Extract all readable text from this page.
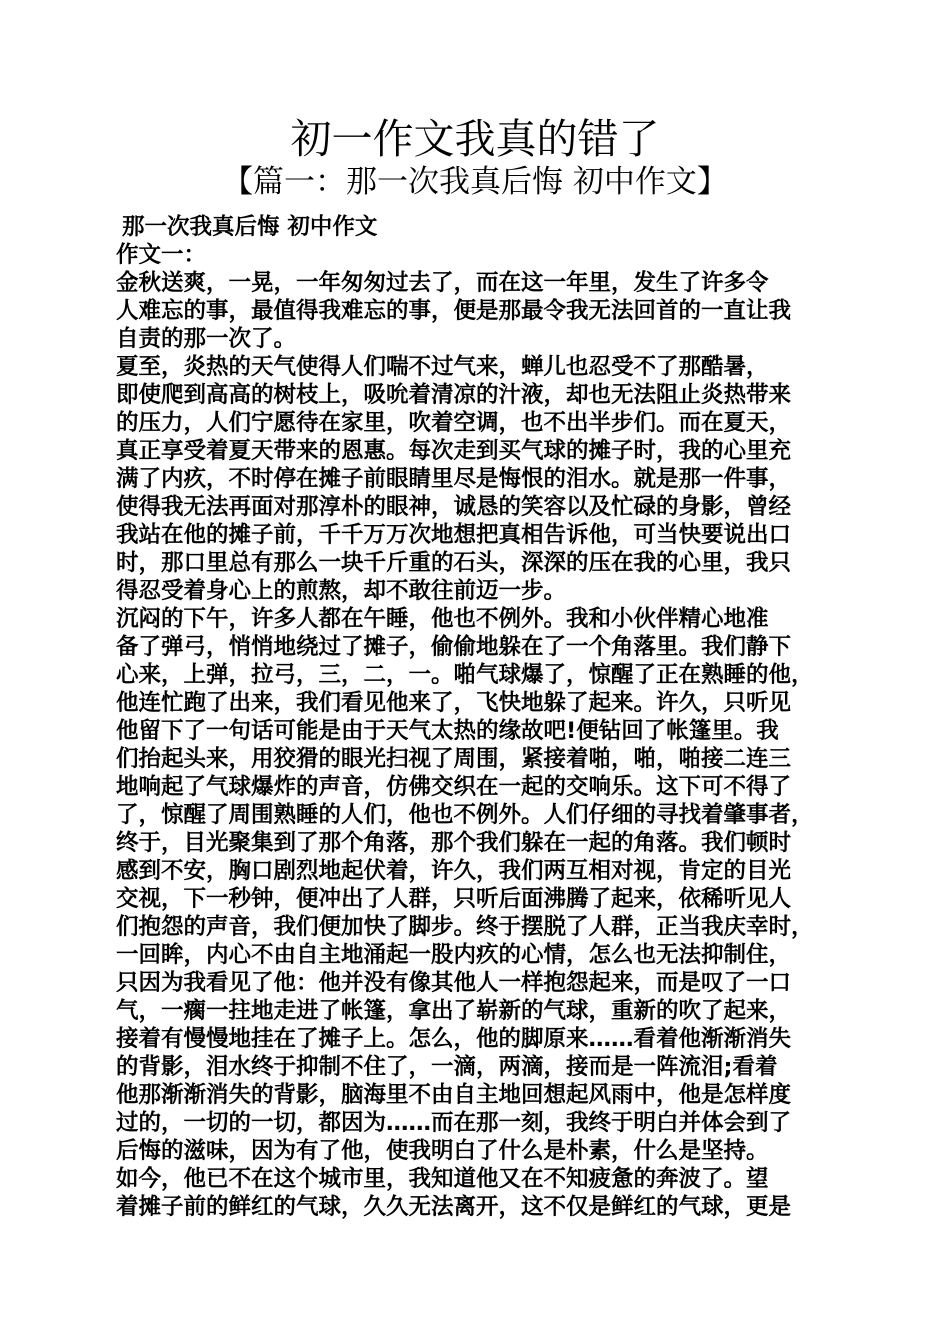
初一作文我真的错了
【篇一：那一次我真后悔 初中作文】
那一次我真后悔 初中作文
作文一：
金秋送爽，一晃，一年匆匆过去了，而在这一年里，发生了许多令
人难忘的事，最值得我难忘的事，便是那最令我无法回首的一直让我
自责的那一次了。
夏至，炎热的天气使得人们喘不过气来，蝉儿也忍受不了那酷暑，
即使爬到高高的树枝上，吸吮着清凉的汁液，却也无法阻止炎热带来
的压力，人们宁愿待在家里，吹着空调，也不出半步们。而在夏天，
真正享受着夏天带来的恩惠。每次走到买气球的摊子时，我的心里充
满了内疚，不时停在摊子前眼睛里尽是悔恨的泪水。就是那一件事，
使得我无法再面对那淳朴的眼神，诚恳的笑容以及忙碌的身影，曾经
我站在他的摊子前，千千万万次地想把真相告诉他，可当快要说出口
时，那口里总有那么一块千斤重的石头，深深的压在我的心里，我只
得忍受着身心上的煎熬，却不敢往前迈一步。
沉闷的下午，许多人都在午睡，他也不例外。我和小伙伴精心地准
备了弹弓，悄悄地绕过了摊子，偷偷地躲在了一个角落里。我们静下
心来，上弹，拉弓，三，二，一。啪气球爆了，惊醒了正在熟睡的他，
他连忙跑了出来，我们看见他来了，飞快地躲了起来。许久，只听见
他留下了一句话可能是由于天气太热的缘故吧!便钻回了帐篷里。我
们抬起头来，用狡猾的眼光扫视了周围，紧接着啪，啪，啪接二连三
地响起了气球爆炸的声音，仿佛交织在一起的交响乐。这下可不得了
了，惊醒了周围熟睡的人们，他也不例外。人们仔细的寻找着肇事者，
终于，目光聚集到了那个角落，那个我们躲在一起的角落。我们顿时
感到不安，胸口剧烈地起伏着，许久，我们两互相对视，肯定的目光
交视，下一秒钟，便冲出了人群，只听后面沸腾了起来，依稀听见人
们抱怨的声音，我们便加快了脚步。终于摆脱了人群，正当我庆幸时，
一回眸，内心不由自主地涌起一股内疚的心情，怎么也无法抑制住，
只因为我看见了他：他并没有像其他人一样抱怨起来，而是叹了一口
气，一瘸一拄地走进了帐篷，拿出了崭新的气球，重新的吹了起来，
接着有慢慢地挂在了摊子上。怎么，他的脚原来……看着他渐渐消失
的背影，泪水终于抑制不住了，一滴，两滴，接而是一阵流泪;看着
他那渐渐消失的背影，脑海里不由自主地回想起风雨中，他是怎样度
过的，一切的一切，都因为……而在那一刻，我终于明白并体会到了
后悔的滋味，因为有了他，使我明白了什么是朴素，什么是坚持。
如今，他已不在这个城市里，我知道他又在不知疲惫的奔波了。望
着摊子前的鲜红的气球，久久无法离开，这不仅是鲜红的气球，更是
